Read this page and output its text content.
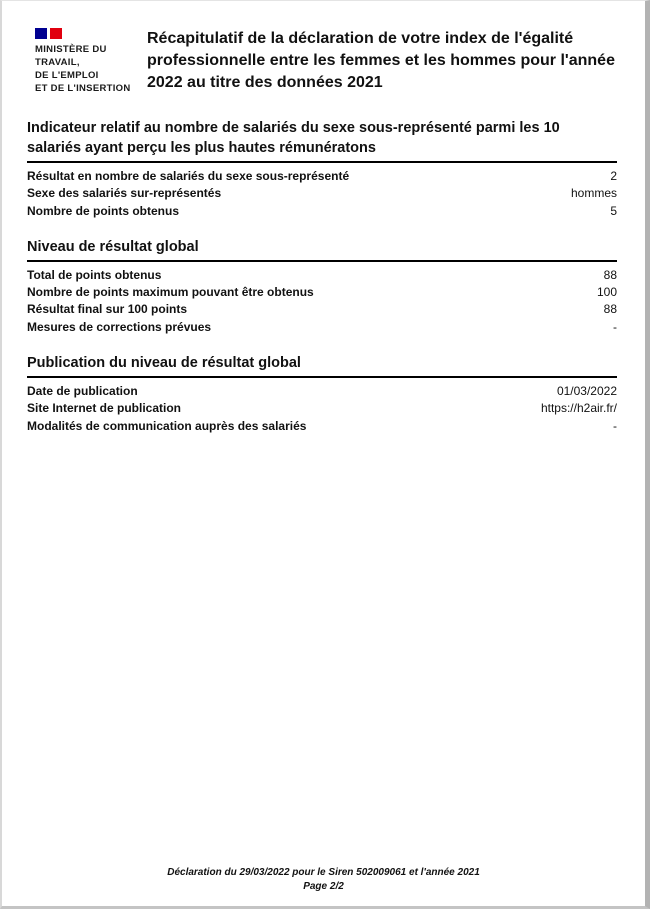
MINISTÈRE DU
TRAVAIL,
DE L'EMPLOI
ET DE L'INSERTION
Récapitulatif de la déclaration de votre index de l'égalité professionnelle entre les femmes et les hommes pour l'année 2022 au titre des données 2021
Indicateur relatif au nombre de salariés du sexe sous-représenté parmi les 10 salariés ayant perçu les plus hautes rémunératons
Résultat en nombre de salariés du sexe sous-représenté	2
Sexe des salariés sur-représentés	hommes
Nombre de points obtenus	5
Niveau de résultat global
Total de points obtenus	88
Nombre de points maximum pouvant être obtenus	100
Résultat final sur 100 points	88
Mesures de corrections prévues	-
Publication du niveau de résultat global
Date de publication	01/03/2022
Site Internet de publication	https://h2air.fr/
Modalités de communication auprès des salariés	-
Déclaration du 29/03/2022 pour le Siren 502009061 et l'année 2021
Page 2/2
